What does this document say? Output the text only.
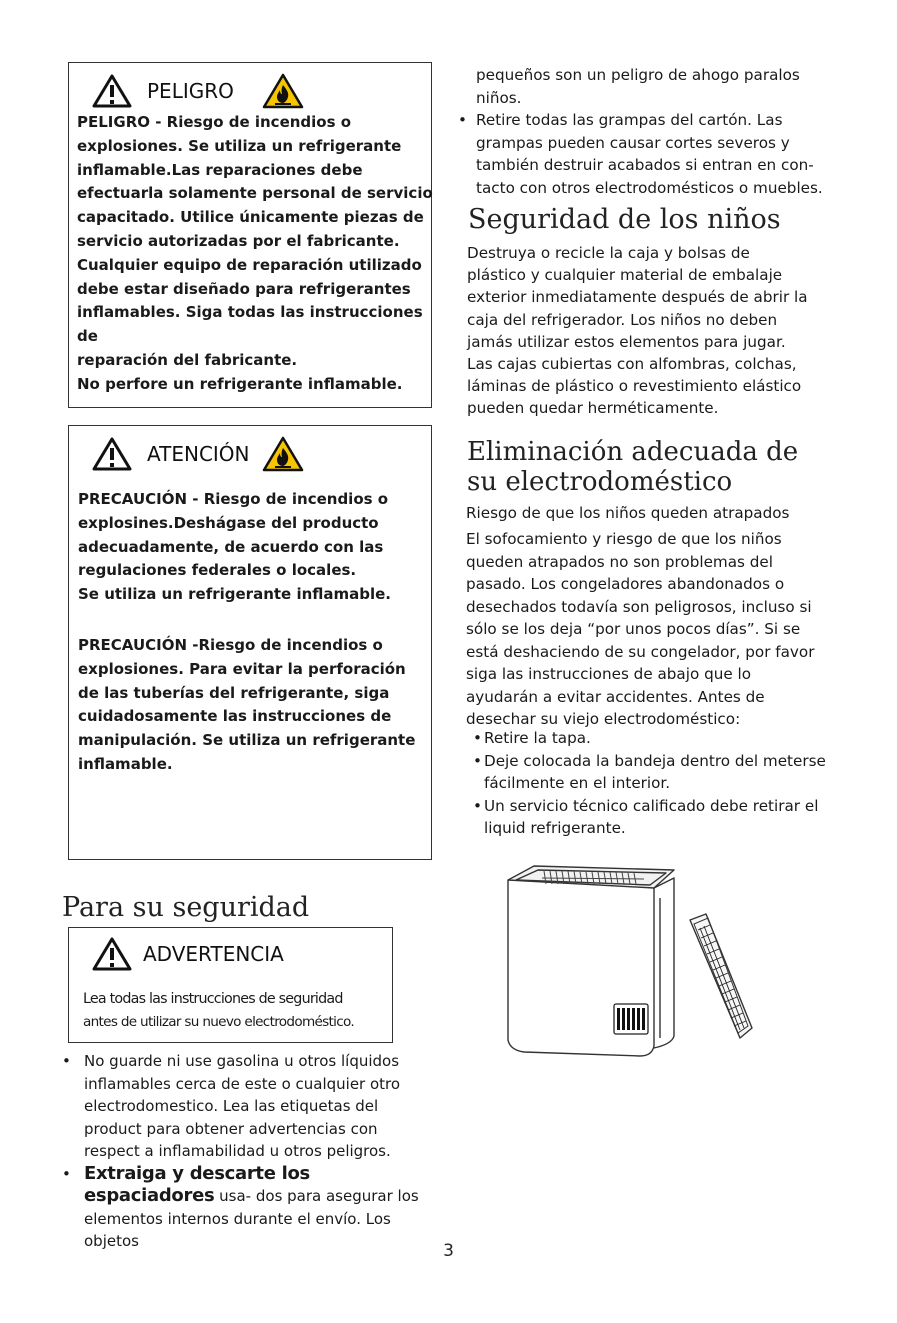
PELIGRO
PELIGRO - Riesgo de incendios o
explosiones. Se utiliza un refrigerante
inflamable.Las reparaciones debe
efectuarla solamente personal de servicio
capacitado. Utilice únicamente piezas de
servicio autorizadas por el fabricante.
Cualquier equipo de reparación utilizado
debe estar diseñado para refrigerantes
inflamables. Siga todas las instrucciones de
reparación del fabricante.
No perfore un refrigerante inflamable.
ATENCIÓN
PRECAUCIÓN - Riesgo de incendios o
explosines.Deshágase del producto
adecuadamente, de acuerdo con las
regulaciones federales o locales.
Se utiliza un refrigerante inflamable.
PRECAUCIÓN -Riesgo de incendios o
explosiones. Para evitar la perforación
de las tuberías del refrigerante, siga
cuidadosamente las instrucciones de
manipulación. Se utiliza un refrigerante
inflamable.
Para su seguridad
ADVERTENCIA
Lea todas las instrucciones de seguridad
antes de utilizar su nuevo electrodoméstico.
• No guarde ni use gasolina u otros líquidos inflamables cerca de este o cualquier otro electrodomestico. Lea las etiquetas del product para obtener advertencias con respect a inflamabilidad u otros peligros.
• Extraiga y descarte los espaciadores usa- dos para asegurar los elementos internos durante el envío. Los objetos
pequeños son un peligro de ahogo paralos niños.
• Retire todas las grampas del cartón. Las grampas pueden causar cortes severos y también destruir acabados si entran en con-tacto con otros electrodomésticos o muebles.
Seguridad de los niños
Destruya o recicle la caja y bolsas de plástico y cualquier material de embalaje exterior inmediatamente después de abrir la caja del refrigerador. Los niños no deben jamás utilizar estos elementos para jugar. Las cajas cubiertas con alfombras, colchas, láminas de plástico o revestimiento elástico pueden quedar herméticamente.
Eliminación adecuada de
su electrodoméstico
Riesgo de que los niños queden atrapados
El sofocamiento y riesgo de que los niños queden atrapados no son problemas del pasado. Los congeladores abandonados o desechados todavía son peligrosos, incluso si sólo se los deja “por unos pocos días”. Si se está deshaciendo de su congelador, por favor siga las instrucciones de abajo que lo ayudarán a evitar accidentes. Antes de desechar su viejo electrodoméstico:
• Retire la tapa.
• Deje colocada la bandeja dentro del meterse fácilmente en el interior.
• Un servicio técnico calificado debe retirar el liquid refrigerante.
3
